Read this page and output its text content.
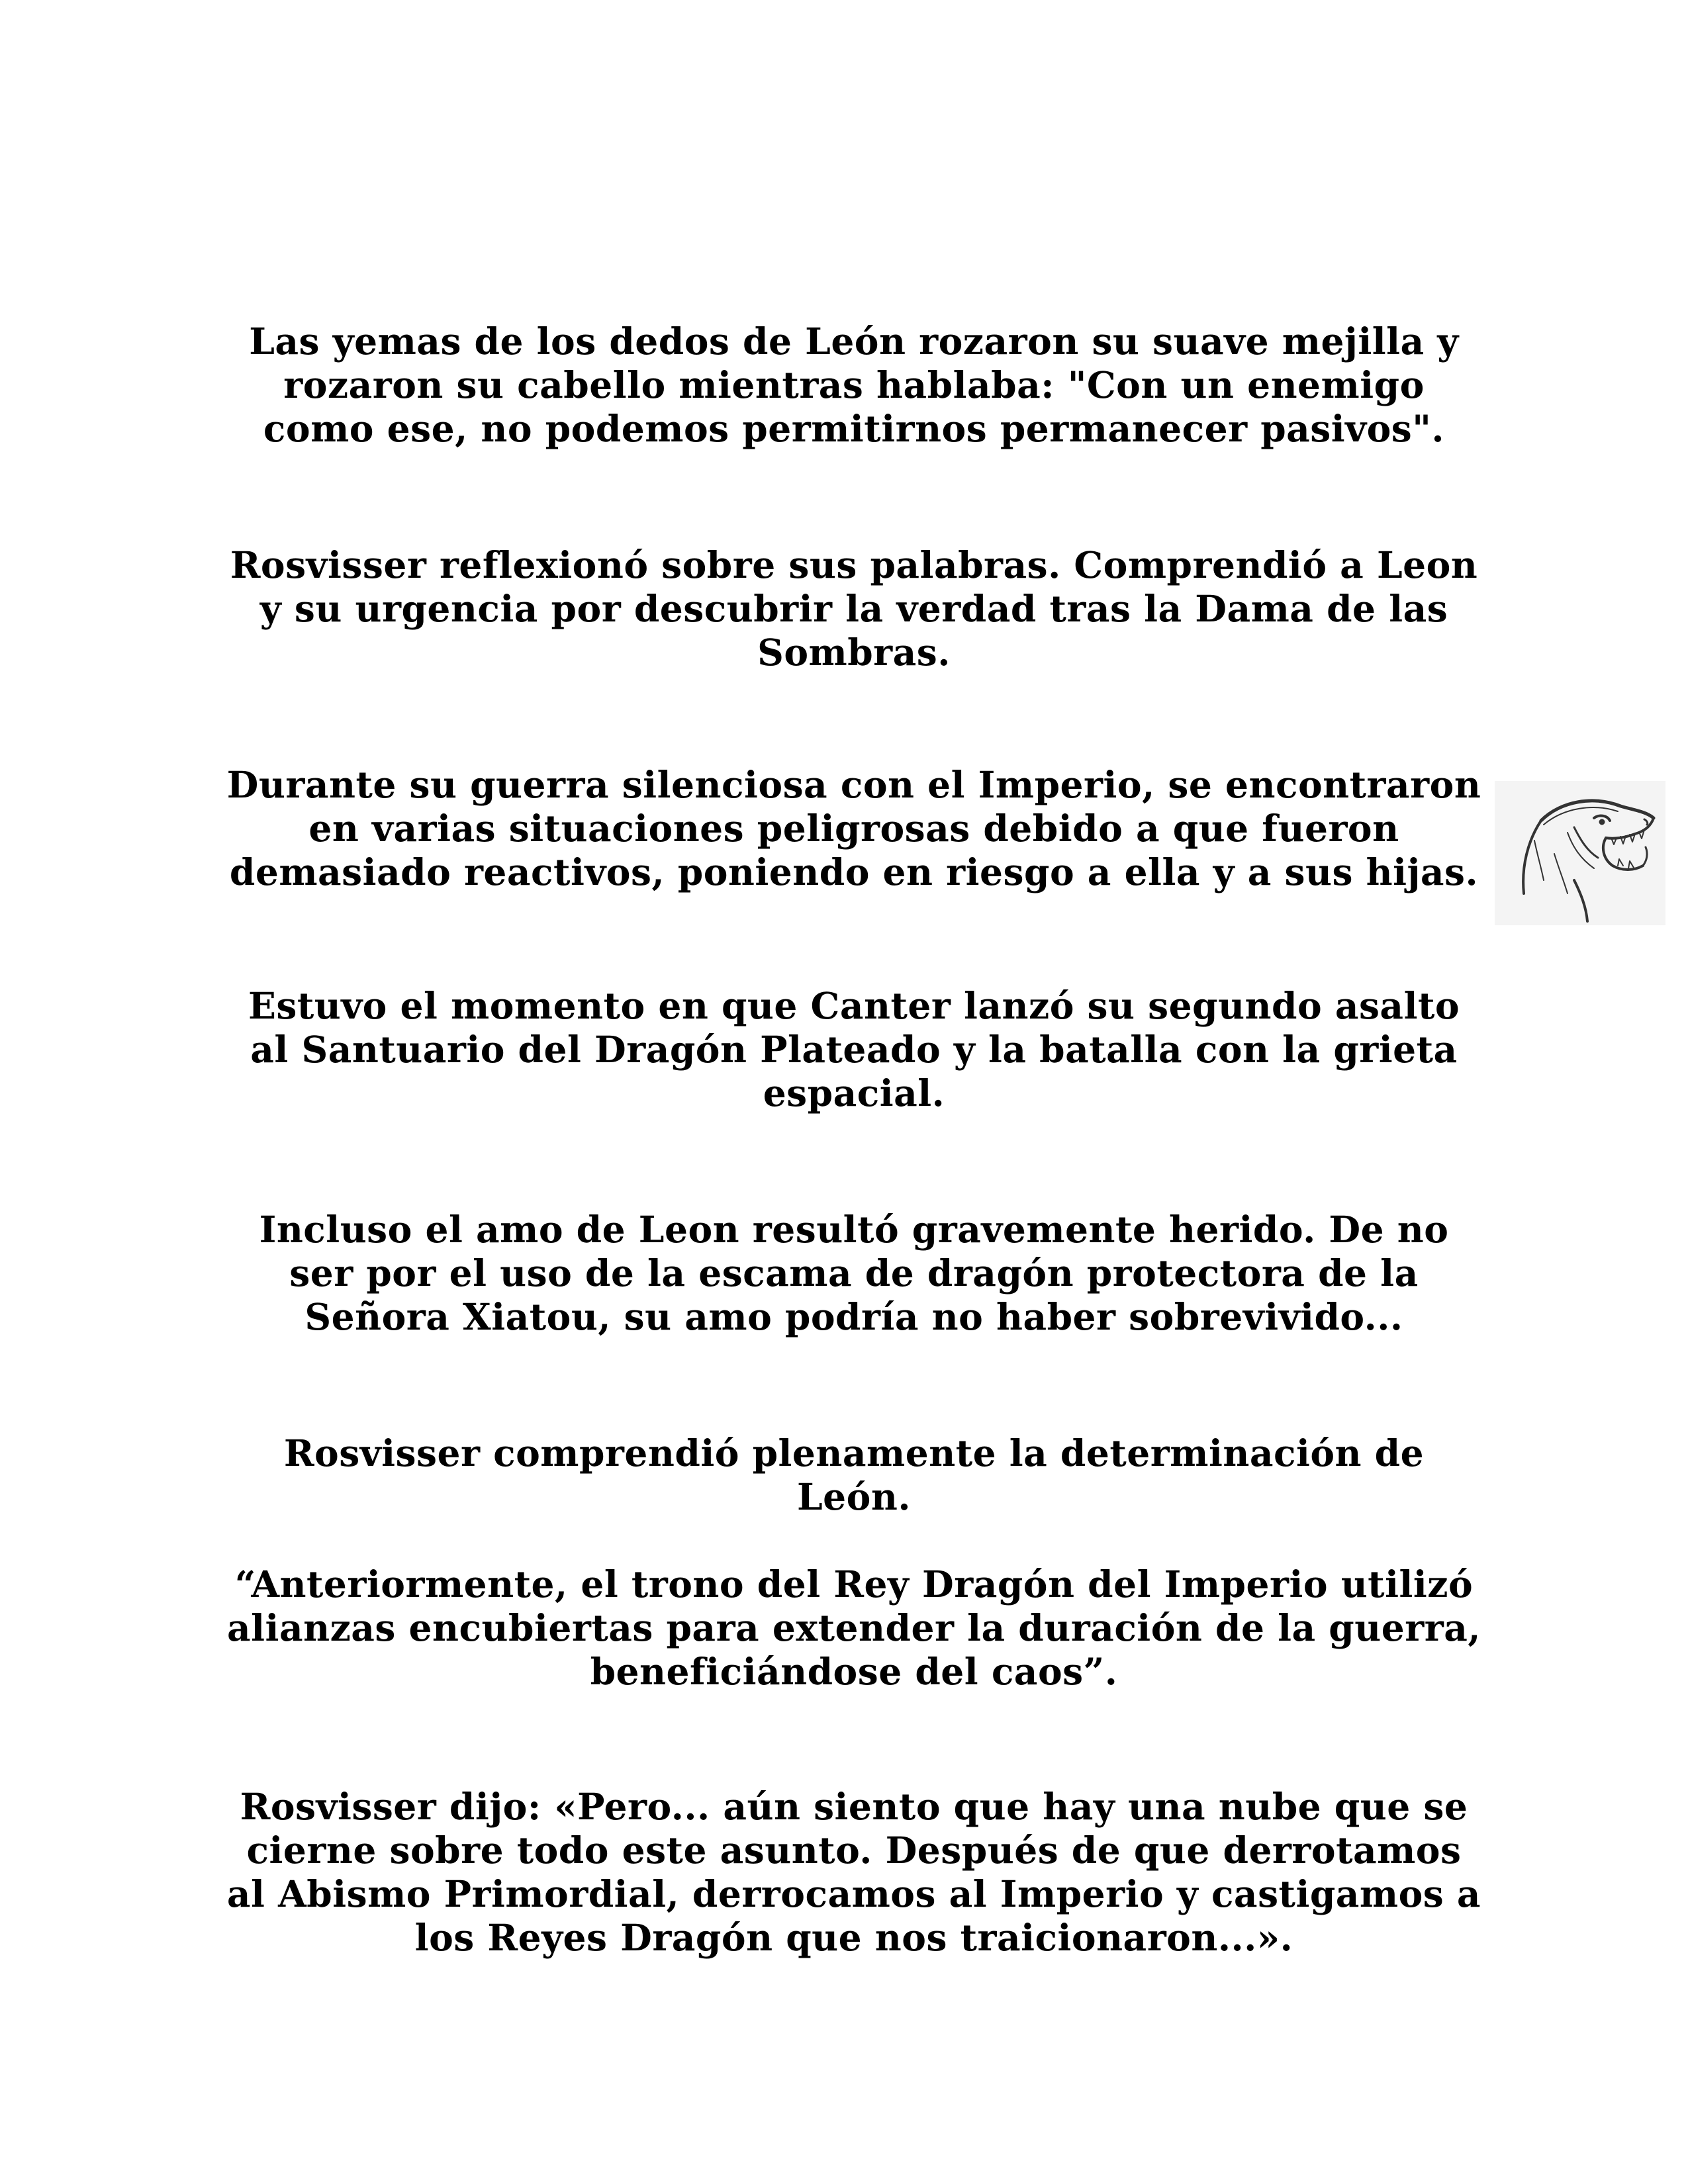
Las yemas de los dedos de León rozaron su suave mejilla y rozaron su cabello mientras hablaba: "Con un enemigo como ese, no podemos permitirnos permanecer pasivos".

Rosvisser reflexionó sobre sus palabras. Comprendió a Leon y su urgencia por descubrir la verdad tras la Dama de las Sombras.

Durante su guerra silenciosa con el Imperio, se encontraron en varias situaciones peligrosas debido a que fueron demasiado reactivos, poniendo en riesgo a ella y a sus hijas.

Estuvo el momento en que Canter lanzó su segundo asalto al Santuario del Dragón Plateado y la batalla con la grieta espacial.

Incluso el amo de Leon resultó gravemente herido. De no ser por el uso de la escama de dragón protectora de la Señora Xiatou, su amo podría no haber sobrevivido...

Rosvisser comprendió plenamente la determinación de León.

“Anteriormente, el trono del Rey Dragón del Imperio utilizó alianzas encubiertas para extender la duración de la guerra, beneficiándose del caos”.

Rosvisser dijo: «Pero... aún siento que hay una nube que se cierne sobre todo este asunto. Después de que derrotamos al Abismo Primordial, derrocamos al Imperio y castigamos a los Reyes Dragón que nos traicionaron...».
